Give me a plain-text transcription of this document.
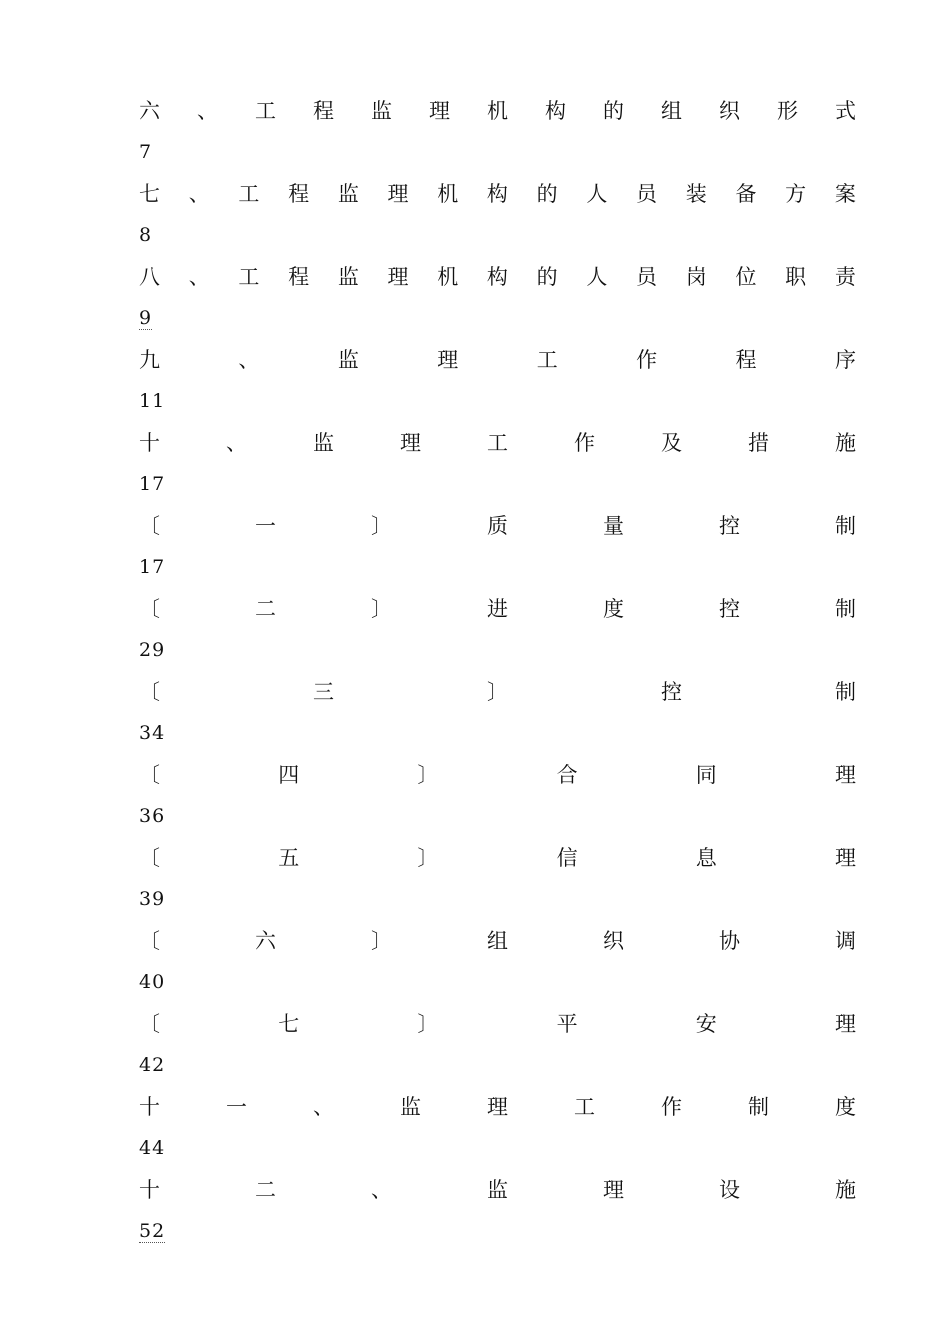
六 、 工 程 监 理 机 构 的 组 织 形 式
7
七 、 工 程 监 理 机 构 的 人 员 装 备 方 案
8
八 、 工 程 监 理 机 构 的 人 员 岗 位 职 责
9
九	、	监	理	工	作	程	序
11
十	、	监	理	工	作	及	措	施
17
〔	一	〕	质	量	控	制
17
〔	二	〕	进	度	控	制
29
〔	三	〕	控	制
34
〔	四	〕	合	同	理
36
〔	五	〕	信	息	理
39
〔	六	〕	组	织	协	调
40
〔	七	〕	平	安	理
42
十	一	、	监	理	工	作	制	度
44
十	二	、	监	理	设	施
52
